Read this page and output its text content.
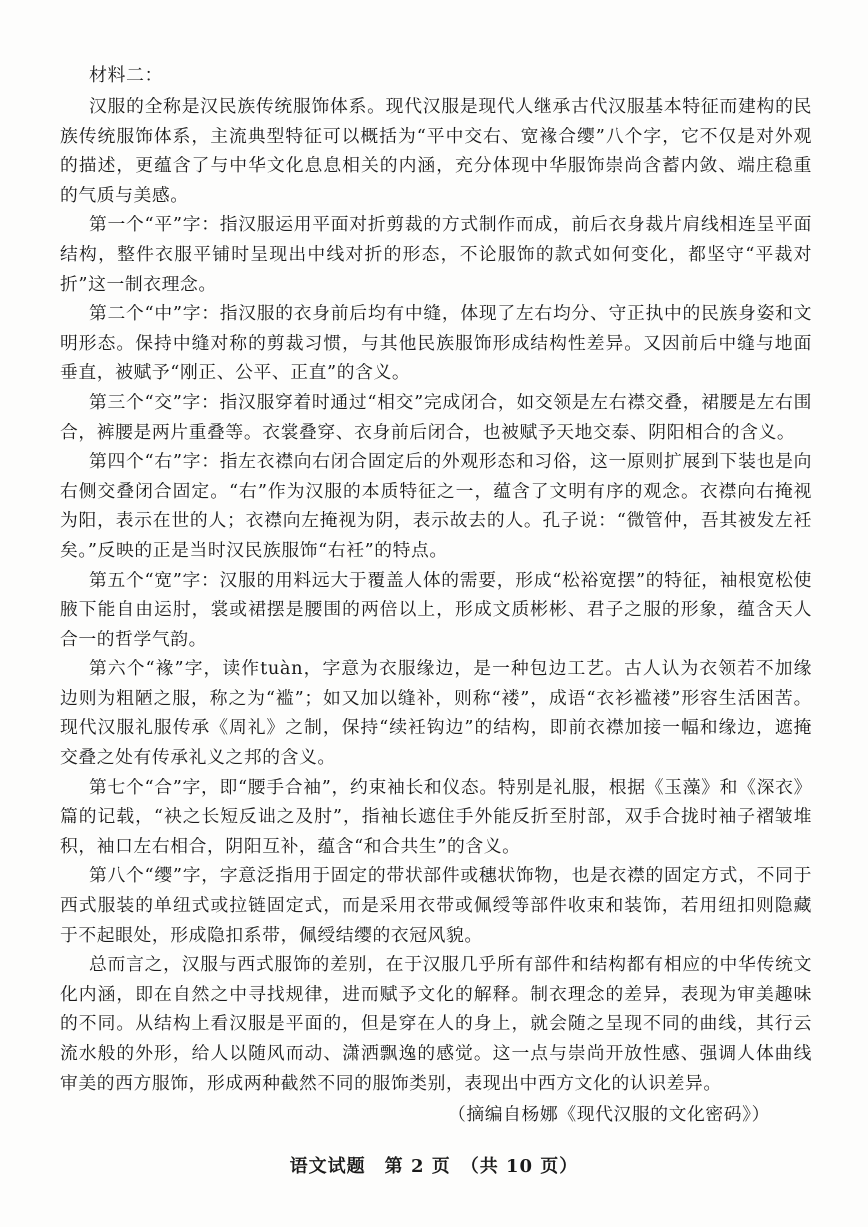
材料二：

汉服的全称是汉民族传统服饰体系。现代汉服是现代人继承古代汉服基本特征而建构的民族传统服饰体系，主流典型特征可以概括为“平中交右、宽褖合缨”八个字，它不仅是对外观的描述，更蕴含了与中华文化息息相关的内涵，充分体现中华服饰崇尚含蓄内敛、端庄稳重的气质与美感。

第一个“平”字：指汉服运用平面对折剪裁的方式制作而成，前后衣身裁片肩线相连呈平面结构，整件衣服平铺时呈现出中线对折的形态，不论服饰的款式如何变化，都坚守“平裁对折”这一制衣理念。

第二个“中”字：指汉服的衣身前后均有中缝，体现了左右均分、守正执中的民族身姿和文明形态。保持中缝对称的剪裁习惯，与其他民族服饰形成结构性差异。又因前后中缝与地面垂直，被赋予“刚正、公平、正直”的含义。

第三个“交”字：指汉服穿着时通过“相交”完成闭合，如交领是左右襟交叠，裙腰是左右围合，裤腰是两片重叠等。衣裳叠穿、衣身前后闭合，也被赋予天地交泰、阴阳相合的含义。

第四个“右”字：指左衣襟向右闭合固定后的外观形态和习俗，这一原则扩展到下装也是向右侧交叠闭合固定。“右”作为汉服的本质特征之一，蕴含了文明有序的观念。衣襟向右掩视为阳，表示在世的人；衣襟向左掩视为阴，表示故去的人。孔子说：“微管仲，吾其被发左衽矣。”反映的正是当时汉民族服饰“右衽”的特点。

第五个“宽”字：汉服的用料远大于覆盖人体的需要，形成“松裕宽摆”的特征，袖根宽松使腋下能自由运肘，裳或裙摆是腰围的两倍以上，形成文质彬彬、君子之服的形象，蕴含天人合一的哲学气韵。

第六个“褖”字，读作tuàn，字意为衣服缘边，是一种包边工艺。古人认为衣领若不加缘边则为粗陋之服，称之为“褴”；如又加以缝补，则称“褛”，成语“衣衫褴褛”形容生活困苦。现代汉服礼服传承《周礼》之制，保持“续衽钩边”的结构，即前衣襟加接一幅和缘边，遮掩交叠之处有传承礼义之邦的含义。

第七个“合”字，即“腰手合袖”，约束袖长和仪态。特别是礼服，根据《玉藻》和《深衣》篇的记载，“袂之长短反诎之及肘”，指袖长遮住手外能反折至肘部，双手合拢时袖子褶皱堆积，袖口左右相合，阴阳互补，蕴含“和合共生”的含义。

第八个“缨”字，字意泛指用于固定的带状部件或穗状饰物，也是衣襟的固定方式，不同于西式服装的单纽式或拉链固定式，而是采用衣带或佩绶等部件收束和装饰，若用纽扣则隐藏于不起眼处，形成隐扣系带，佩绶结缨的衣冠风貌。

总而言之，汉服与西式服饰的差别，在于汉服几乎所有部件和结构都有相应的中华传统文化内涵，即在自然之中寻找规律，进而赋予文化的解释。制衣理念的差异，表现为审美趣味的不同。从结构上看汉服是平面的，但是穿在人的身上，就会随之呈现不同的曲线，其行云流水般的外形，给人以随风而动、潇洒飘逸的感觉。这一点与崇尚开放性感、强调人体曲线审美的西方服饰，形成两种截然不同的服饰类别，表现出中西方文化的认识差异。

（摘编自杨娜《现代汉服的文化密码》）
语文试题　第 2 页　（共 10 页）
